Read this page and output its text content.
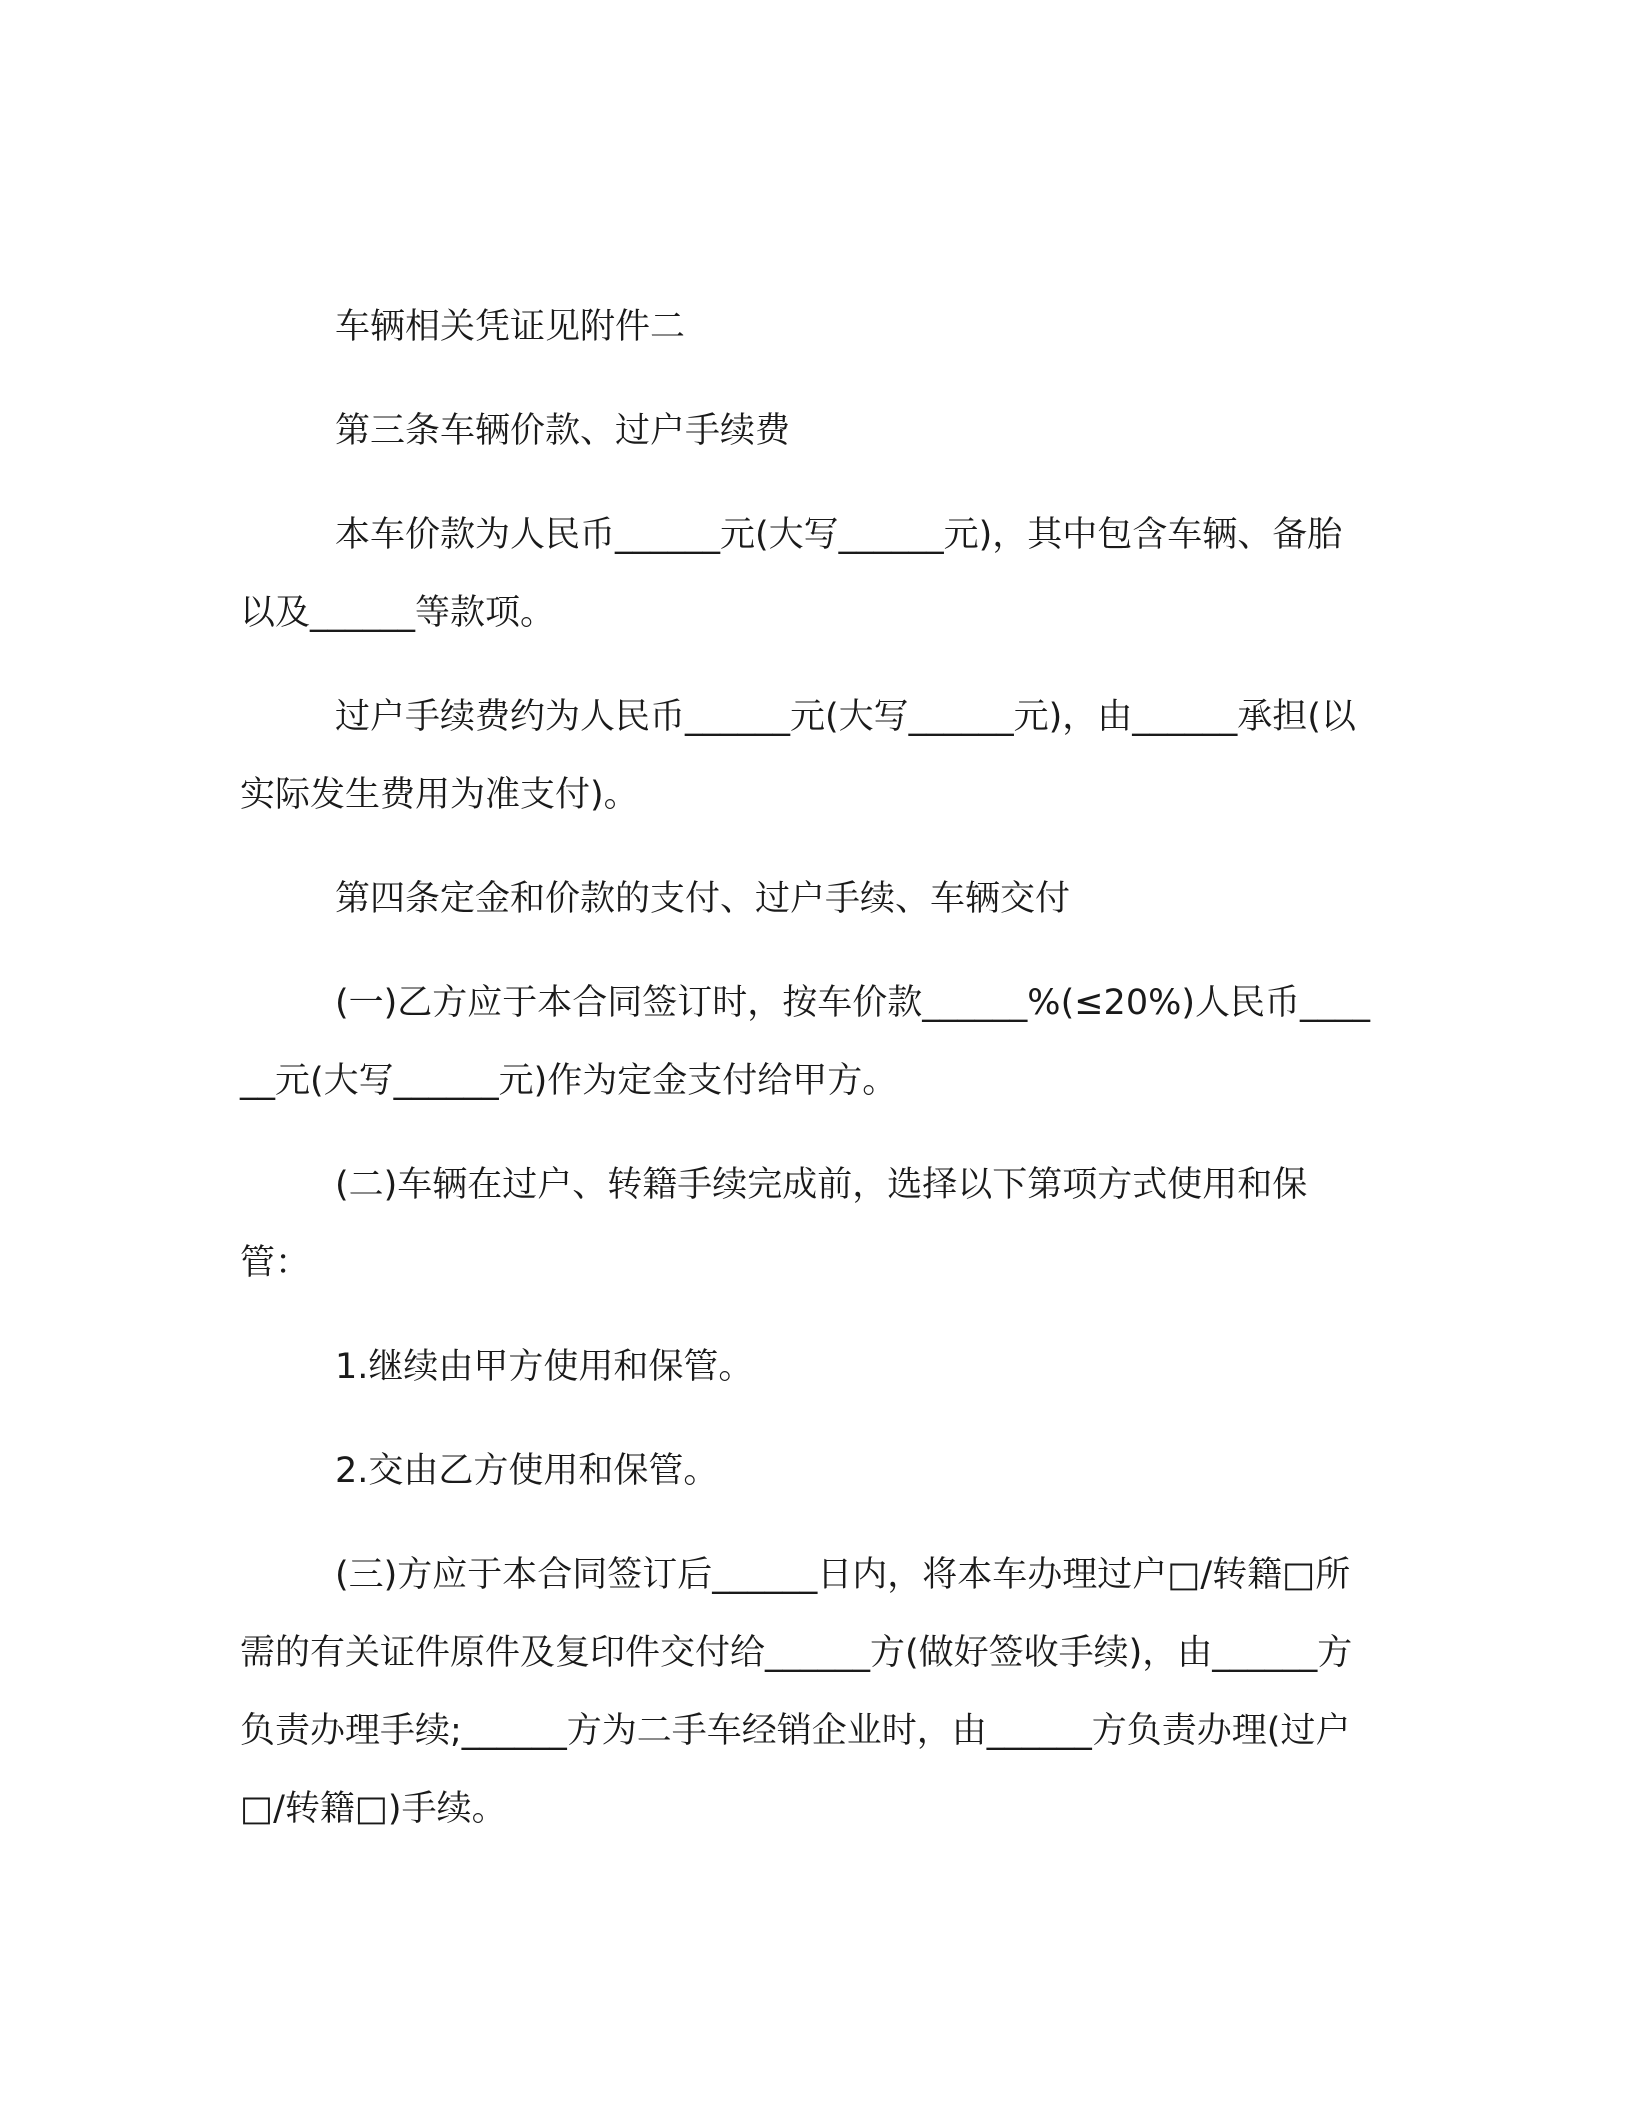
车辆相关凭证见附件二

第三条车辆价款、过户手续费

本车价款为人民币______元(大写______元)，其中包含车辆、备胎以及______等款项。

过户手续费约为人民币______元(大写______元)，由______承担(以实际发生费用为准支付)。

第四条定金和价款的支付、过户手续、车辆交付

(一)乙方应于本合同签订时，按车价款______%(≤20%)人民币______元(大写______元)作为定金支付给甲方。

(二)车辆在过户、转籍手续完成前，选择以下第项方式使用和保管：

1.继续由甲方使用和保管。

2.交由乙方使用和保管。

(三)方应于本合同签订后______日内，将本车办理过户□/转籍□所需的有关证件原件及复印件交付给______方(做好签收手续)，由______方负责办理手续;______方为二手车经销企业时，由______方负责办理(过户□/转籍□)手续。
